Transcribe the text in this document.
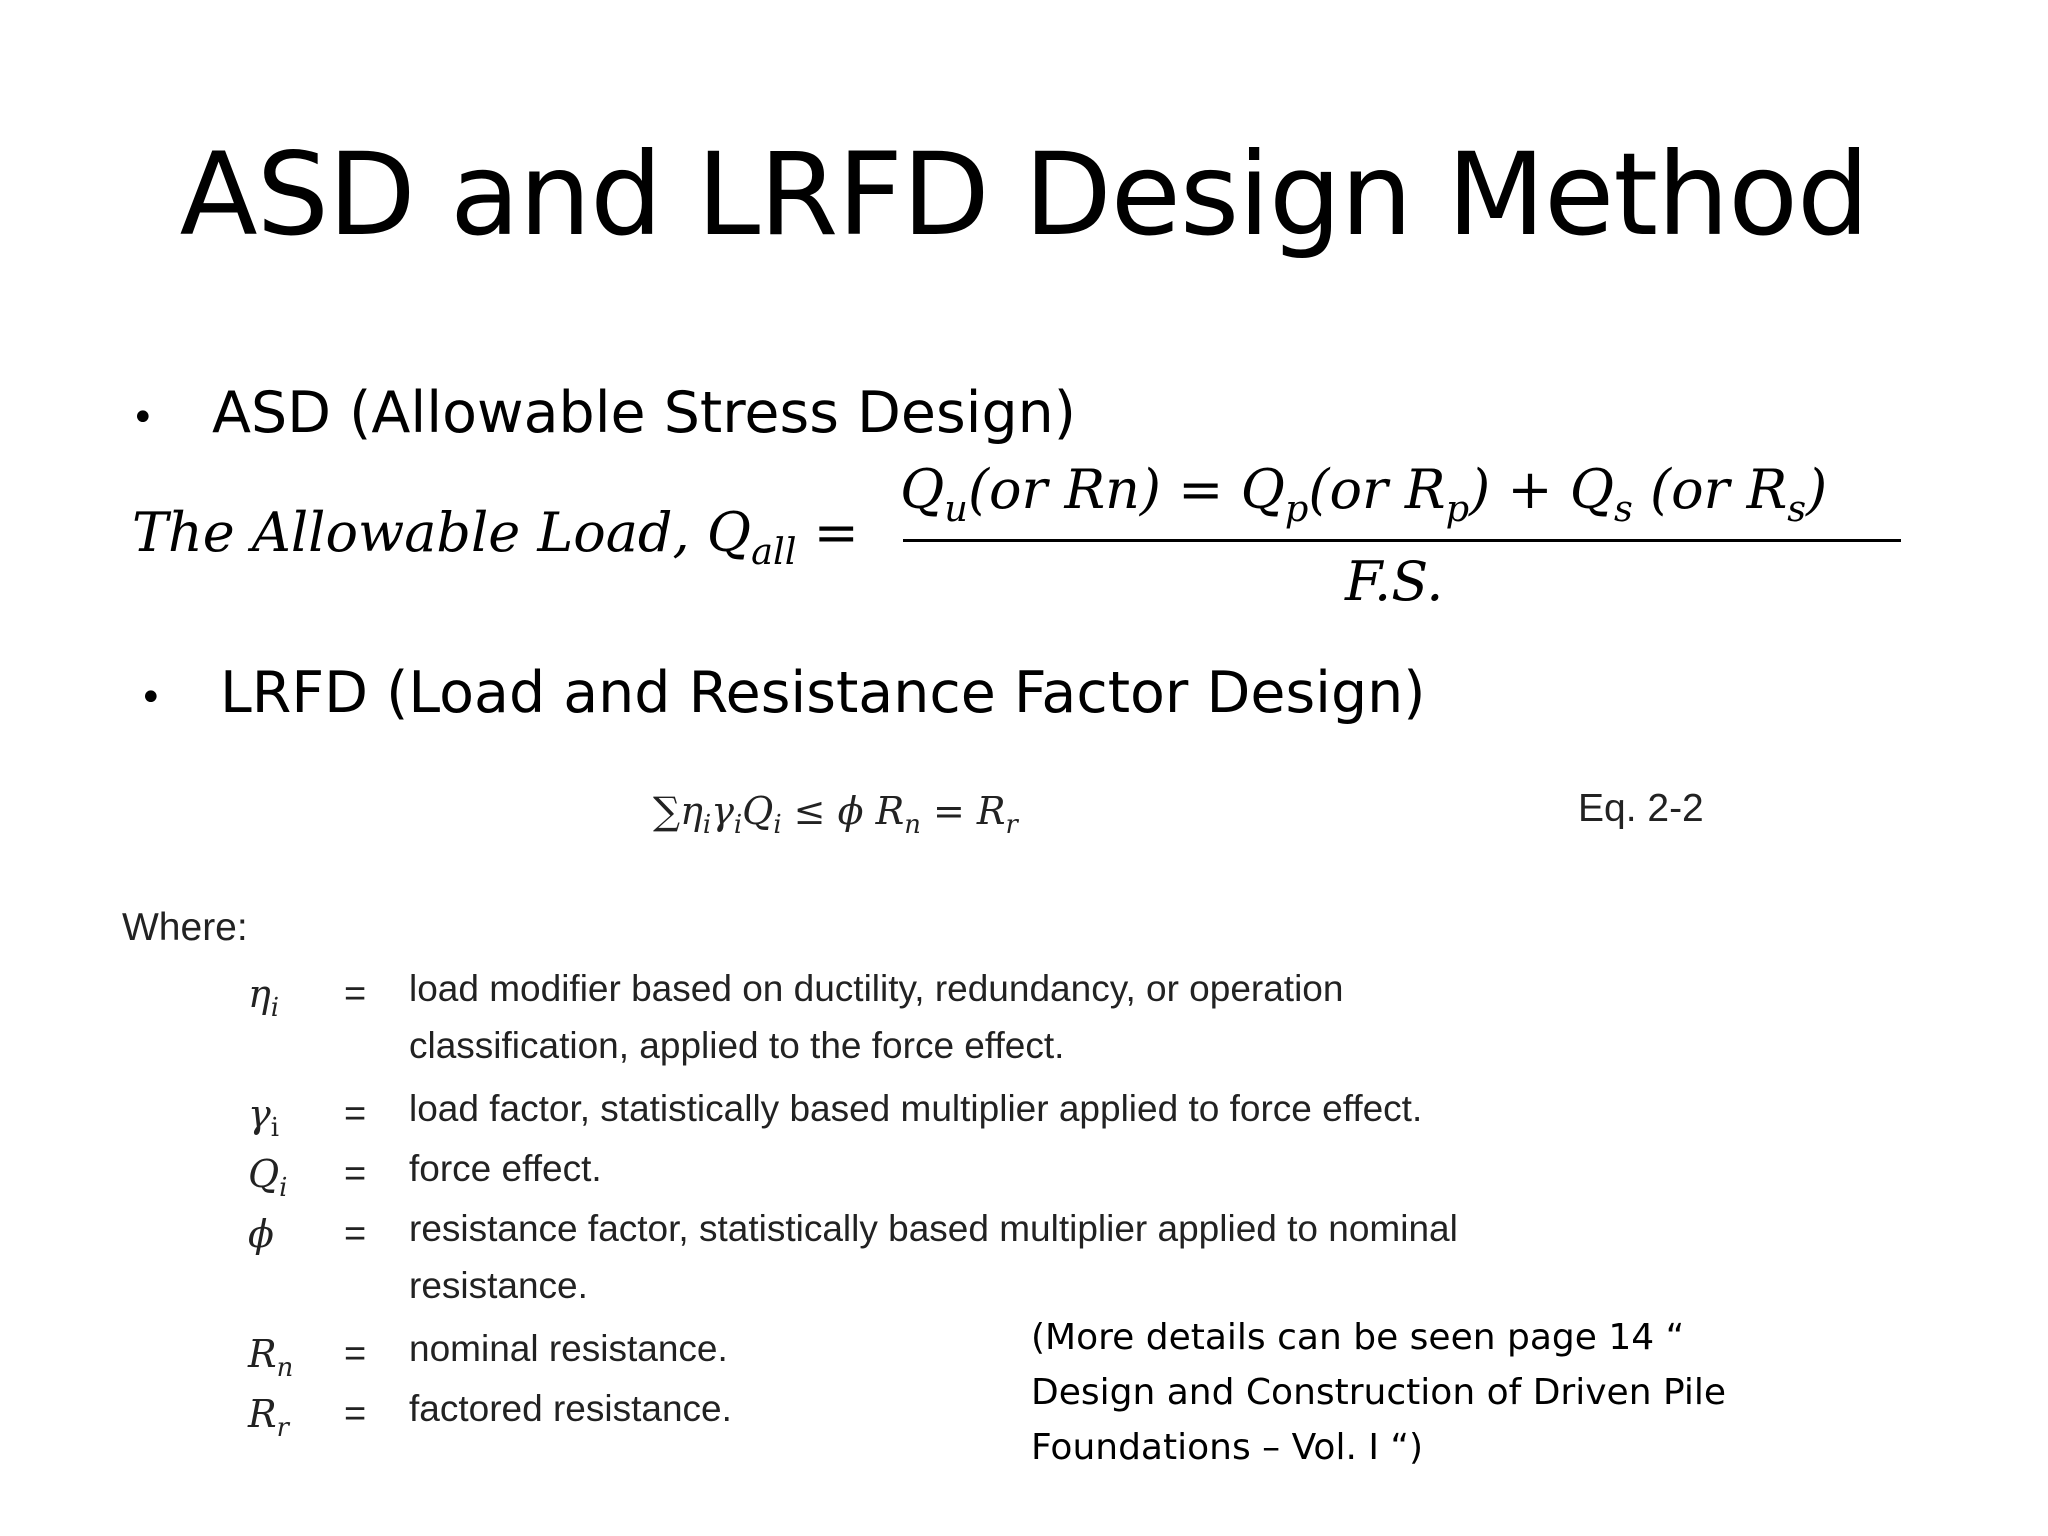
ASD and LRFD Design Method
• ASD (Allowable Stress Design)
The Allowable Load, $Q_{all}$ =
$Q_u(or$ $Rn) = Q_p(or$ $R_p) + Q_s$ (or $R_s$)
F.S.
• LRFD (Load and Resistance Factor Design)
$\sum\eta_i\gamma_iQ_i \le \phi$ $R_n = R_r$	Eq. 2-2
Where:
$\eta_i$ = load modifier based on ductility, redundancy, or operation
classification, applied to the force effect.
$\gamma_i$ = load factor, statistically based multiplier applied to force effect.
$Q_i$ = force effect.
ϕ = resistance factor, statistically based multiplier applied to nominal
resistance.
$R_n$ = nominal resistance.
$R_r$ = factored resistance.
(More details can be seen page 14 “
Design and Construction of Driven Pile
Foundations – Vol. I “)
